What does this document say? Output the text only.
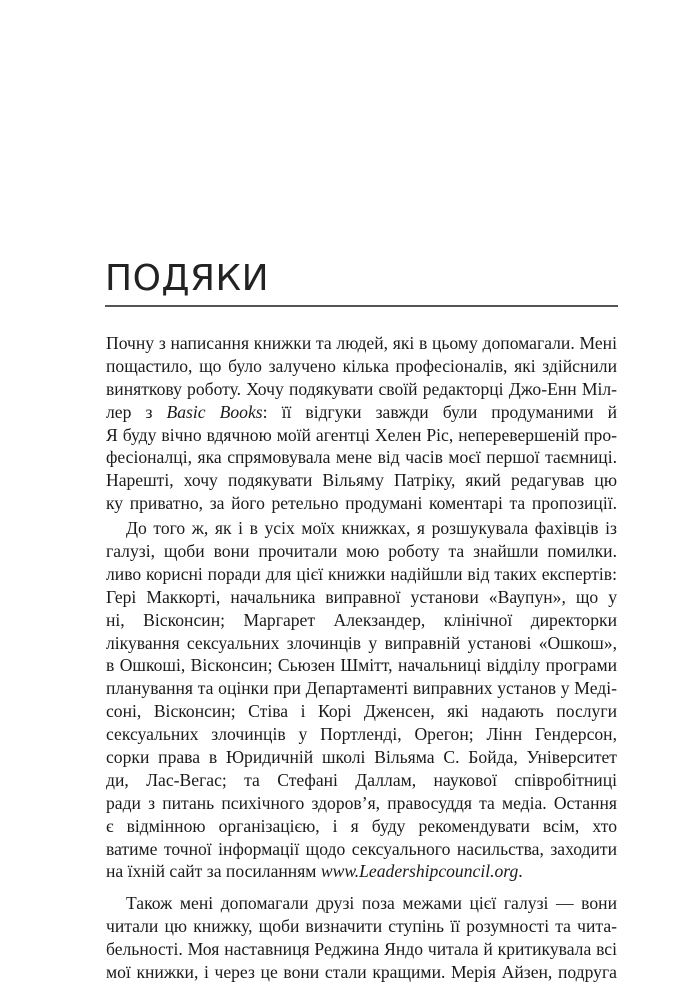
ПОДЯКИ
Почну з написання книжки та людей, які в цьому допомагали. Мені
пощастило, що було залучено кілька професіоналів, які здійснили
виняткову роботу. Хочу подякувати своїй редакторці Джо-Енн Міл-
лер з Basic Books: її відгуки завжди були продуманими й
Я буду вічно вдячною моїй агентці Хелен Ріс, неперевершеній про-
фесіоналці, яка спрямовувала мене від часів моєї першої таємниці.
Нарешті, хочу подякувати Вільяму Патріку, який редагував цю
ку приватно, за його ретельно продумані коментарі та пропозиції.
До того ж, як і в усіх моїх книжках, я розшукувала фахівців із
галузі, щоби вони прочитали мою роботу та знайшли помилки.
ливо корисні поради для цієї книжки надійшли від таких експертів:
Гері Маккорті, начальника виправної установи «Ваупун», що у
ні, Вісконсин; Маргарет Алекзандер, клінічної директорки
лікування сексуальних злочинців у виправній установі «Ошкош»,
в Ошкоші, Вісконсин; Сьюзен Шмітт, начальниці відділу програми
планування та оцінки при Департаменті виправних установ у Меді-
соні, Вісконсин; Стіва і Корі Дженсен, які надають послуги
сексуальних злочинців у Портленді, Орегон; Лінн Гендерсон,
сорки права в Юридичній школі Вільяма С. Бойда, Університет
ди, Лас-Вегас; та Стефані Даллам, наукової співробітниці
ради з питань психічного здоров’я, правосуддя та медіа. Остання
є відмінною організацією, і я буду рекомендувати всім, хто
ватиме точної інформації щодо сексуального насильства, заходити
на їхній сайт за посиланням www.Leadershipcouncil.org.
Також мені допомагали друзі поза межами цієї галузі — вони
читали цю книжку, щоби визначити ступінь її розумності та чита-
бельності. Моя наставниця Реджина Яндо читала й критикувала всі
мої книжки, і через це вони стали кращими. Мерія Айзен, подруга
